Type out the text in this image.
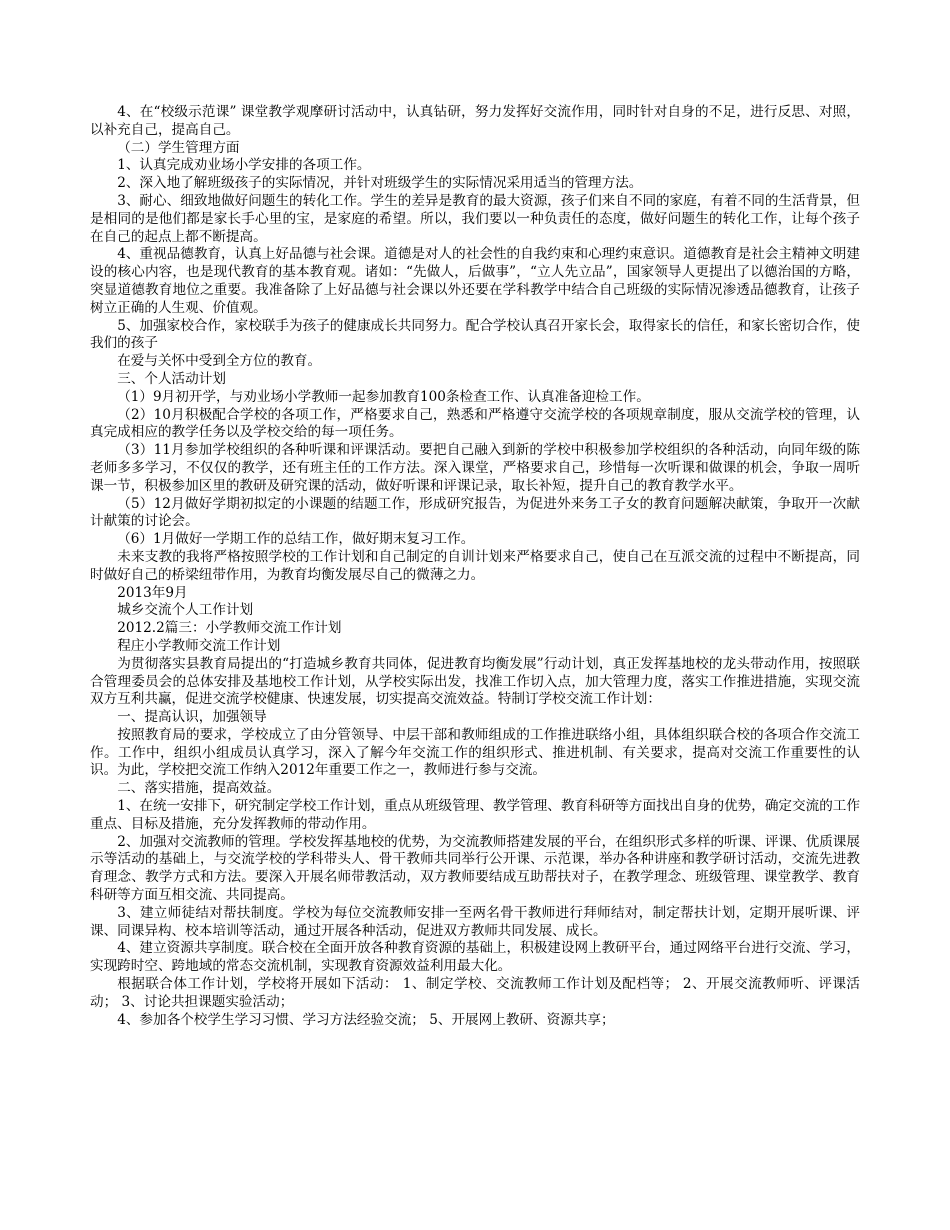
4、在“校级示范课” 课堂教学观摩研讨活动中，认真钻研，努力发挥好交流作用，同时针对自身的不足，进行反思、对照，以补充自己，提高自己。

（二）学生管理方面

1、认真完成劝业场小学安排的各项工作。

2、深入地了解班级孩子的实际情况，并针对班级学生的实际情况采用适当的管理方法。

3、耐心、细致地做好问题生的转化工作。学生的差异是教育的最大资源，孩子们来自不同的家庭，有着不同的生活背景，但是相同的是他们都是家长手心里的宝，是家庭的希望。所以，我们要以一种负责任的态度，做好问题生的转化工作，让每个孩子在自己的起点上都不断提高。

4、重视品德教育，认真上好品德与社会课。道德是对人的社会性的自我约束和心理约束意识。道德教育是社会主精神文明建设的核心内容，也是现代教育的基本教育观。诸如：“先做人，后做事”，“立人先立品”，国家领导人更提出了以德治国的方略，突显道德教育地位之重要。我准备除了上好品德与社会课以外还要在学科教学中结合自己班级的实际情况渗透品德教育，让孩子树立正确的人生观、价值观。

5、加强家校合作，家校联手为孩子的健康成长共同努力。配合学校认真召开家长会，取得家长的信任，和家长密切合作，使我们的孩子

在爱与关怀中受到全方位的教育。

三、个人活动计划

（1）9月初开学，与劝业场小学教师一起参加教育100条检查工作、认真准备迎检工作。

（2）10月积极配合学校的各项工作，严格要求自己，熟悉和严格遵守交流学校的各项规章制度，服从交流学校的管理，认真完成相应的教学任务以及学校交给的每一项任务。

（3）11月参加学校组织的各种听课和评课活动。要把自己融入到新的学校中积极参加学校组织的各种活动，向同年级的陈老师多多学习，不仅仅的教学，还有班主任的工作方法。深入课堂，严格要求自己，珍惜每一次听课和做课的机会，争取一周听课一节，积极参加区里的教研及研究课的活动，做好听课和评课记录，取长补短，提升自己的教育教学水平。

（5）12月做好学期初拟定的小课题的结题工作，形成研究报告，为促进外来务工子女的教育问题解决献策，争取开一次献计献策的讨论会。

（6）1月做好一学期工作的总结工作，做好期末复习工作。

未来支教的我将严格按照学校的工作计划和自己制定的自训计划来严格要求自己，使自己在互派交流的过程中不断提高，同时做好自己的桥梁纽带作用，为教育均衡发展尽自己的微薄之力。

2013年9月

城乡交流个人工作计划

2012.2篇三：小学教师交流工作计划

程庄小学教师交流工作计划

为贯彻落实县教育局提出的“打造城乡教育共同体，促进教育均衡发展”行动计划，真正发挥基地校的龙头带动作用，按照联合管理委员会的总体安排及基地校工作计划，从学校实际出发，找准工作切入点，加大管理力度，落实工作推进措施，实现交流双方互利共赢，促进交流学校健康、快速发展，切实提高交流效益。特制订学校交流工作计划：

一、提高认识，加强领导

按照教育局的要求，学校成立了由分管领导、中层干部和教师组成的工作推进联络小组，具体组织联合校的各项合作交流工作。工作中，组织小组成员认真学习，深入了解今年交流工作的组织形式、推进机制、有关要求，提高对交流工作重要性的认识。为此，学校把交流工作纳入2012年重要工作之一，教师进行参与交流。

二、落实措施，提高效益。

1、在统一安排下，研究制定学校工作计划，重点从班级管理、教学管理、教育科研等方面找出自身的优势，确定交流的工作重点、目标及措施，充分发挥教师的带动作用。

2、加强对交流教师的管理。学校发挥基地校的优势，为交流教师搭建发展的平台，在组织形式多样的听课、评课、优质课展示等活动的基础上，与交流学校的学科带头人、骨干教师共同举行公开课、示范课，举办各种讲座和教学研讨活动，交流先进教育理念、教学方式和方法。要深入开展名师带教活动，双方教师要结成互助帮扶对子，在教学理念、班级管理、课堂教学、教育科研等方面互相交流、共同提高。

3、建立师徒结对帮扶制度。学校为每位交流教师安排一至两名骨干教师进行拜师结对，制定帮扶计划，定期开展听课、评课、同课异构、校本培训等活动，通过开展各种活动，促进双方教师共同发展、成长。

4、建立资源共享制度。联合校在全面开放各种教育资源的基础上，积极建设网上教研平台，通过网络平台进行交流、学习，实现跨时空、跨地域的常态交流机制，实现教育资源效益利用最大化。

根据联合体工作计划，学校将开展如下活动： 1、制定学校、交流教师工作计划及配档等； 2、开展交流教师听、评课活动； 3、讨论共担课题实验活动；

4、参加各个校学生学习习惯、学习方法经验交流； 5、开展网上教研、资源共享；
